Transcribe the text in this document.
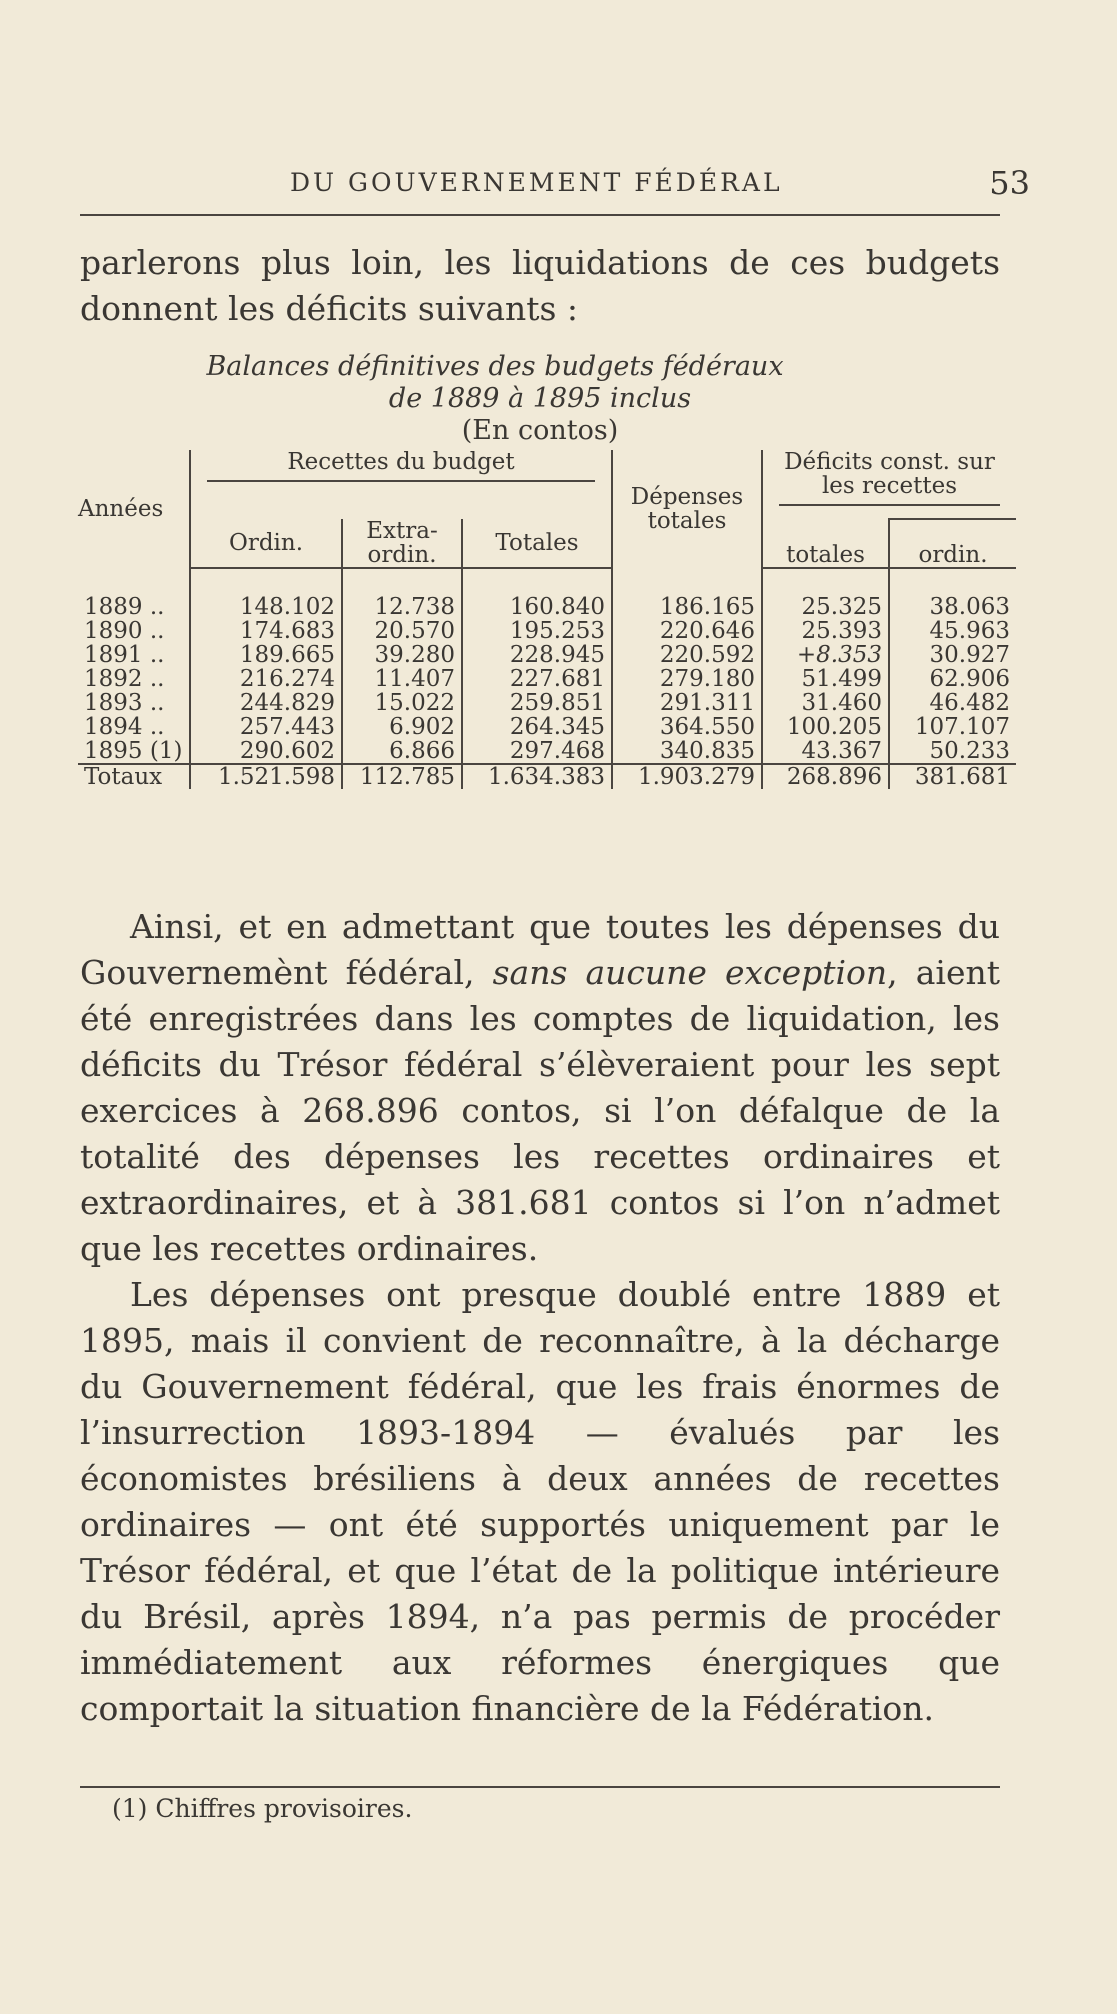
DU GOUVERNEMENT FÉDÉRAL	53
parlerons plus loin, les liquidations de ces budgets donnent les déficits suivants :
Balances définitives des budgets fédéraux
de 1889 à 1895 inclus
(En contos)
Années	Recettes du budget			Dépenses totales	Déficits const. sur les recettes	

	Ordin.	Extra-ordin.	Totales		totales	ordin.

1889 ..	148.102	12.738	160.840	186.165	25.325	38.063
1890 ..	174.683	20.570	195.253	220.646	25.393	45.963
1891 ..	189.665	39.280	228.945	220.592	+8.353	30.927
1892 ..	216.274	11.407	227.681	279.180	51.499	62.906
1893 ..	244.829	15.022	259.851	291.311	31.460	46.482
1894 ..	257.443	6.902	264.345	364.550	100.205	107.107
1895 (1)	290.602	6.866	297.468	340.835	43.367	50.233
Totaux	1.521.598	112.785	1.634.383	1.903.279	268.896	381.681

Ainsi, et en admettant que toutes les dépenses du Gouvernemènt fédéral, sans aucune exception, aient été enregistrées dans les comptes de liquidation, les déficits du Trésor fédéral s’élèveraient pour les sept exercices à 268.896 contos, si l’on défalque de la totalité des dépenses les recettes ordinaires et extraordinaires, et à 381.681 contos si l’on n’admet que les recettes ordinaires.

Les dépenses ont presque doublé entre 1889 et 1895, mais il convient de reconnaître, à la décharge du Gouvernement fédéral, que les frais énormes de l’insurrection 1893-1894 — évalués par les économistes brésiliens à deux années de recettes ordinaires — ont été supportés uniquement par le Trésor fédéral, et que l’état de la politique intérieure du Brésil, après 1894, n’a pas permis de procéder immédiatement aux réformes énergiques que comportait la situation financière de la Fédération.

(1) Chiffres provisoires.
